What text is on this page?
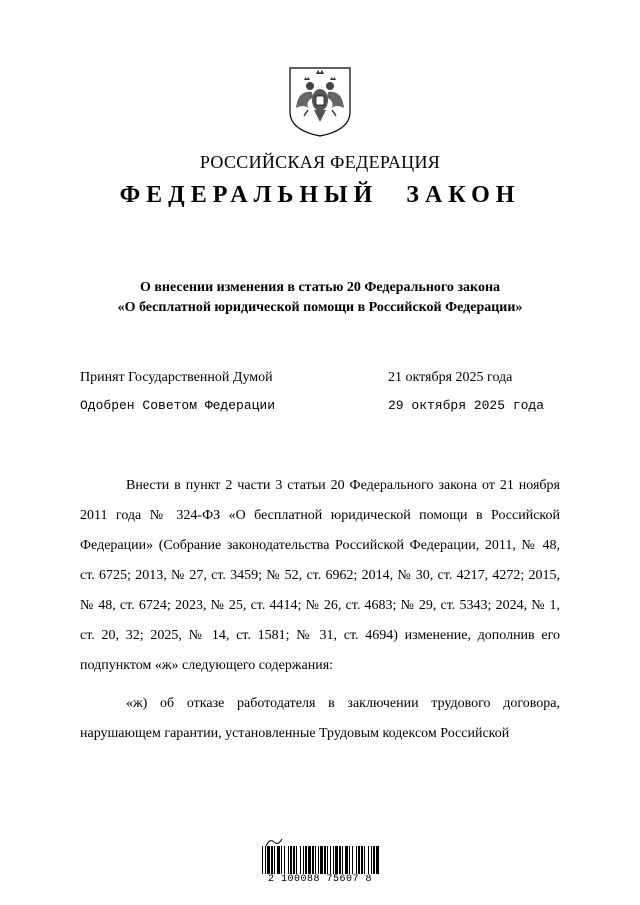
РОССИЙСКАЯ ФЕДЕРАЦИЯ
ФЕДЕРАЛЬНЫЙ ЗАКОН
О внесении изменения в статью 20 Федерального закона
«О бесплатной юридической помощи в Российской Федерации»
Принят Государственной Думой	21 октября 2025 года
Одобрен Советом Федерации	29 октября 2025 года

Внести в пункт 2 части 3 статьи 20 Федерального закона от 21 ноября 2011 года № 324-ФЗ «О бесплатной юридической помощи в Российской Федерации» (Собрание законодательства Российской Федерации, 2011, № 48, ст. 6725; 2013, № 27, ст. 3459; № 52, ст. 6962; 2014, № 30, ст. 4217, 4272; 2015, № 48, ст. 6724; 2023, № 25, ст. 4414; № 26, ст. 4683; № 29, ст. 5343; 2024, № 1, ст. 20, 32; 2025, № 14, ст. 1581; № 31, ст. 4694) изменение, дополнив его подпунктом «ж» следующего содержания:

«ж) об отказе работодателя в заключении трудового договора, нарушающем гарантии, установленные Трудовым кодексом Российской

2 100088 75607 8
